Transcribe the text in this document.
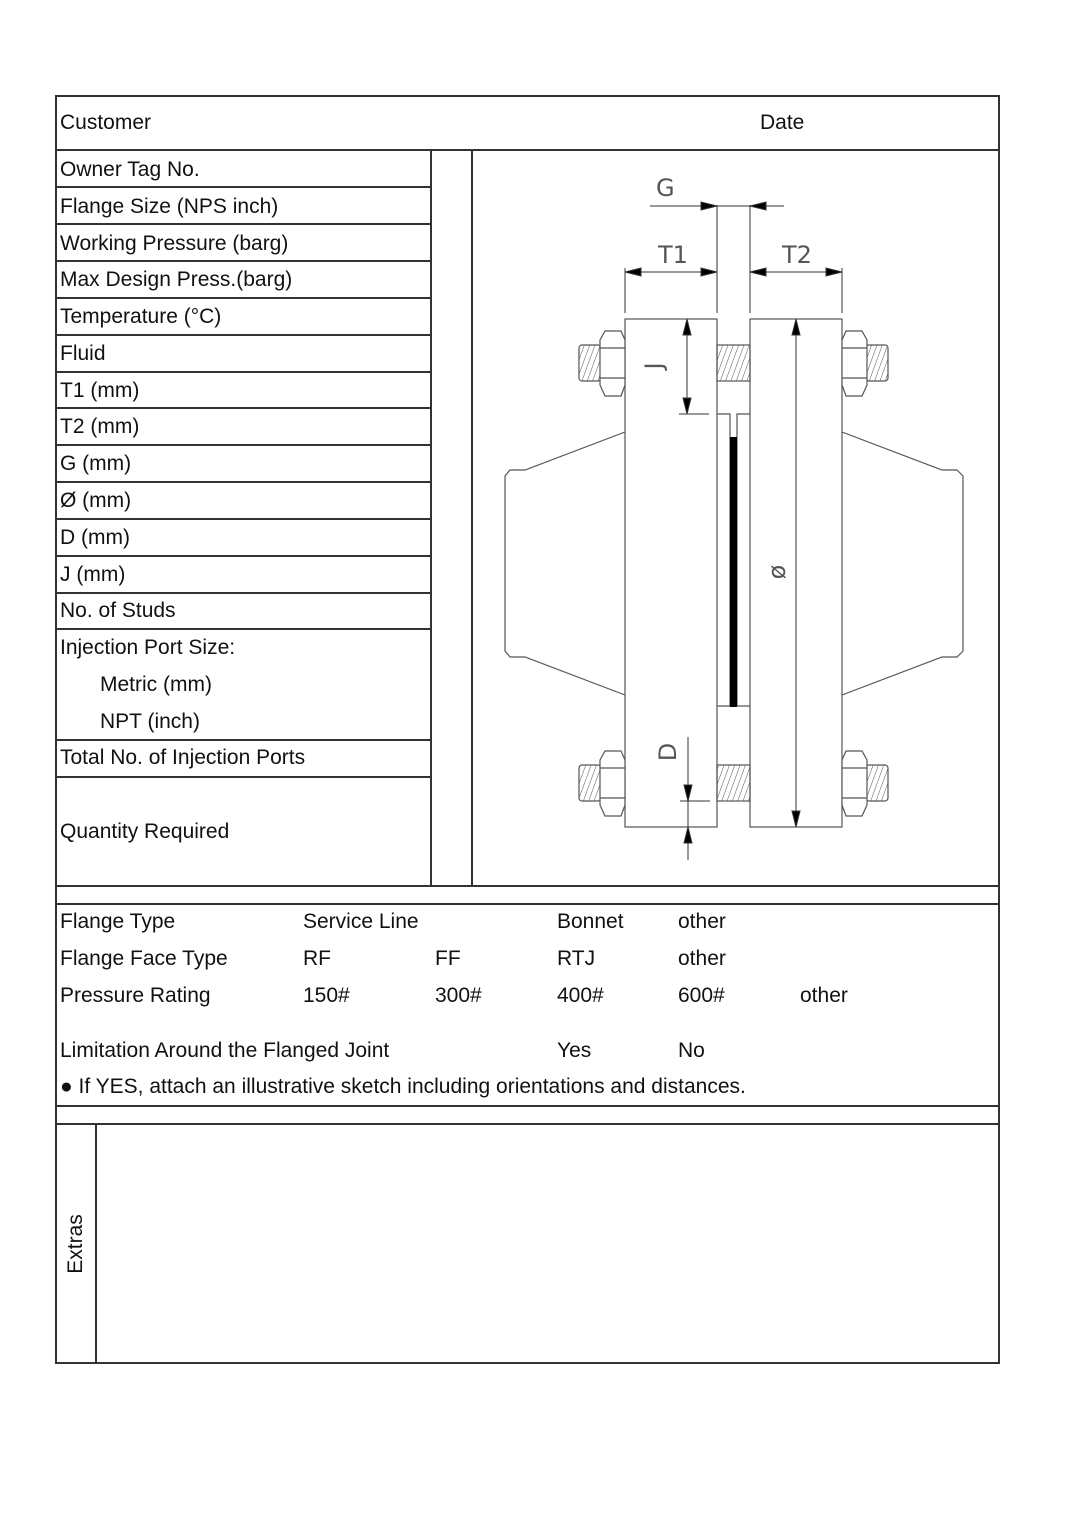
Customer	Date
Owner Tag No.
Flange Size (NPS inch)
Working Pressure (barg)
Max Design Press.(barg)
Temperature (°C)
Fluid
T1 (mm)
T2 (mm)
G (mm)
Ø (mm)
D (mm)
J (mm)
No. of Studs
Injection Port Size:
Metric (mm)
NPT (inch)
Total No. of Injection Ports
Quantity Required
G
T1	T2
J
D
ø
Flange Type	Service Line	Bonnet	other
Flange Face Type	RF	FF	RTJ	other
Pressure Rating	150#	300#	400#	600#	other
Limitation Around the Flanged Joint	Yes	No
● If YES, attach an illustrative sketch including orientations and distances.
Extras
